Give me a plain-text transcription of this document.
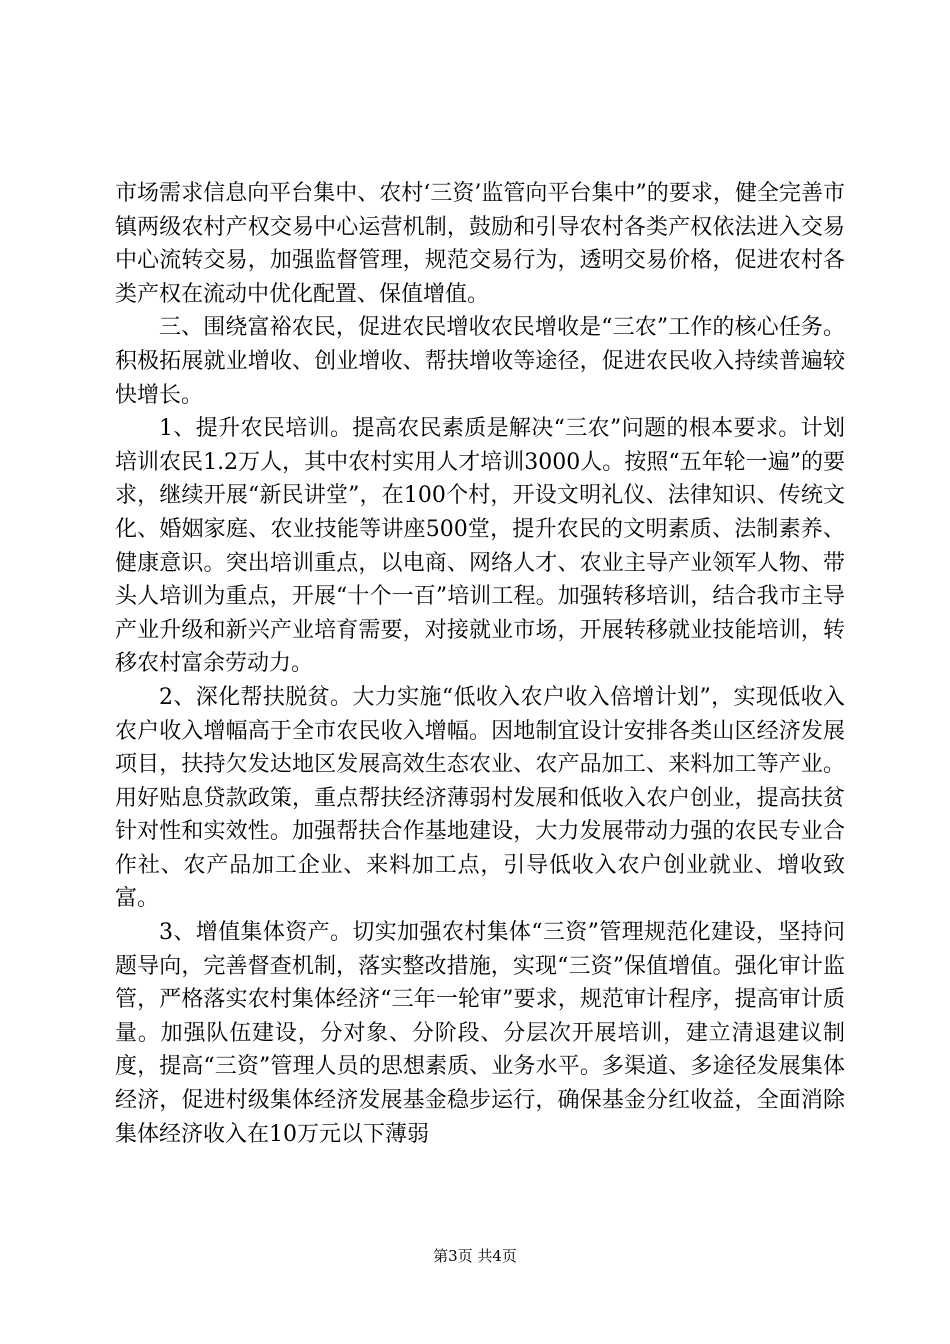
市场需求信息向平台集中、农村‘三资’监管向平台集中”的要求，健全完善市镇两级农村产权交易中心运营机制，鼓励和引导农村各类产权依法进入交易中心流转交易，加强监督管理，规范交易行为，透明交易价格，促进农村各类产权在流动中优化配置、保值增值。

三、围绕富裕农民，促进农民增收农民增收是“三农”工作的核心任务。积极拓展就业增收、创业增收、帮扶增收等途径，促进农民收入持续普遍较快增长。

1、提升农民培训。提高农民素质是解决“三农”问题的根本要求。计划培训农民1.2万人，其中农村实用人才培训3000人。按照“五年轮一遍”的要求，继续开展“新民讲堂”，在100个村，开设文明礼仪、法律知识、传统文化、婚姻家庭、农业技能等讲座500堂，提升农民的文明素质、法制素养、健康意识。突出培训重点，以电商、网络人才、农业主导产业领军人物、带头人培训为重点，开展“十个一百”培训工程。加强转移培训，结合我市主导产业升级和新兴产业培育需要，对接就业市场，开展转移就业技能培训，转移农村富余劳动力。

2、深化帮扶脱贫。大力实施“低收入农户收入倍增计划”，实现低收入农户收入增幅高于全市农民收入增幅。因地制宜设计安排各类山区经济发展项目，扶持欠发达地区发展高效生态农业、农产品加工、来料加工等产业。用好贴息贷款政策，重点帮扶经济薄弱村发展和低收入农户创业，提高扶贫针对性和实效性。加强帮扶合作基地建设，大力发展带动力强的农民专业合作社、农产品加工企业、来料加工点，引导低收入农户创业就业、增收致富。

3、增值集体资产。切实加强农村集体“三资”管理规范化建设，坚持问题导向，完善督查机制，落实整改措施，实现“三资”保值增值。强化审计监管，严格落实农村集体经济“三年一轮审”要求，规范审计程序，提高审计质量。加强队伍建设，分对象、分阶段、分层次开展培训，建立清退建议制度，提高“三资”管理人员的思想素质、业务水平。多渠道、多途径发展集体经济，促进村级集体经济发展基金稳步运行，确保基金分红收益，全面消除集体经济收入在10万元以下薄弱

第3页 共4页
